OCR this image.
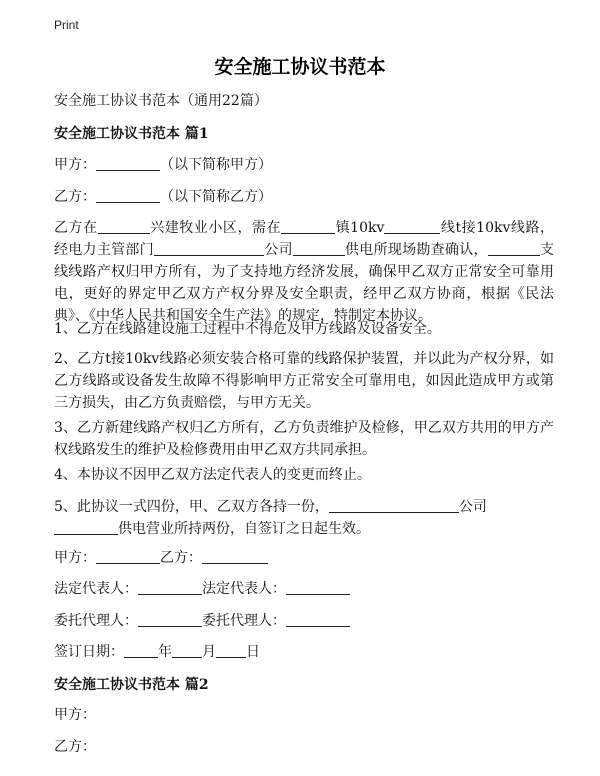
Print
安全施工协议书范本
安全施工协议书范本（通用22篇）
安全施工协议书范本 篇1
甲方：	（以下简称甲方）
乙方：	（以下简称乙方）
乙方在	兴建牧业小区，需在	镇10kv	线t接10kv线路，经电力主管部门	公司	供电所现场勘查确认，	支线线路产权归甲方所有，为了支持地方经济发展，确保甲乙双方正常安全可靠用电，更好的界定甲乙双方产权分界及安全职责，经甲乙双方协商，根据《民法典》、《中华人民共和国安全生产法》的规定，特制定本协议。
1、乙方在线路建设施工过程中不得危及甲方线路及设备安全。
2、乙方t接10kv线路必须安装合格可靠的线路保护装置，并以此为产权分界，如乙方线路或设备发生故障不得影响甲方正常安全可靠用电，如因此造成甲方或第三方损失，由乙方负责赔偿，与甲方无关。
3、乙方新建线路产权归乙方所有，乙方负责维护及检修，甲乙双方共用的甲方产权线路发生的维护及检修费用由甲乙双方共同承担。
4、本协议不因甲乙双方法定代表人的变更而终止。
5、此协议一式四份，甲、乙双方各持一份，	公司
供电营业所持两份，自签订之日起生效。
甲方：	乙方：
法定代表人：	法定代表人：
委托代理人：	委托代理人：
签订日期： 年 月 日
安全施工协议书范本 篇2
甲方：
乙方：
